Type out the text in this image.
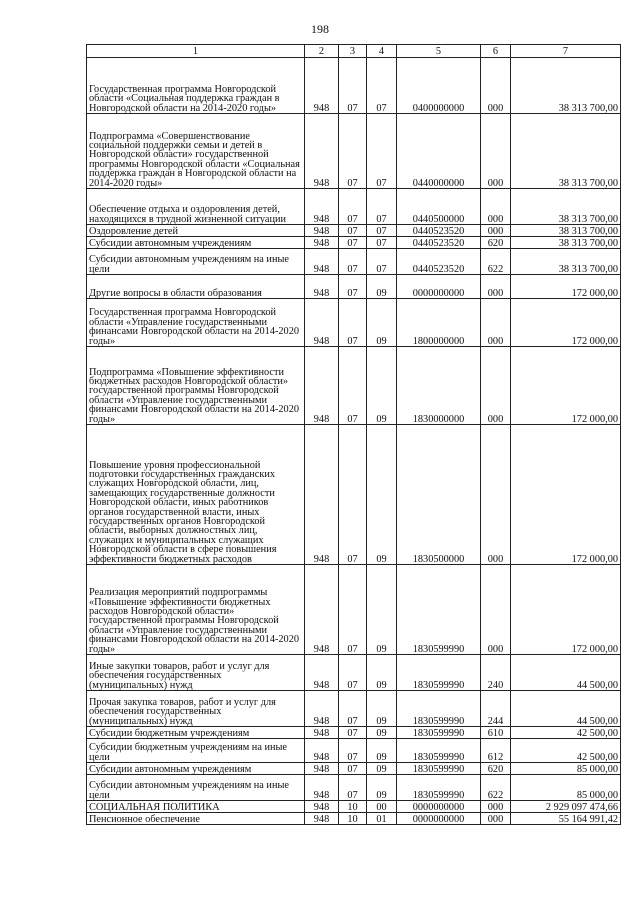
198
1	2	3	4	5	6	7
Государственная программа Новгородской области «Социальная поддержка граждан в Новгородской области на 2014-2020 годы»	948	07	07	0400000000	000	38 313 700,00
Подпрограмма «Совершенствование социальной поддержки семьи и детей в Новгородской области» государственной программы Новгородской области «Социальная поддержка граждан в Новгородской области на 2014-2020 годы»	948	07	07	0440000000	000	38 313 700,00
Обеспечение отдыха и оздоровления детей, находящихся в трудной жизненной ситуации	948	07	07	0440500000	000	38 313 700,00
Оздоровление детей	948	07	07	0440523520	000	38 313 700,00
Субсидии автономным учреждениям	948	07	07	0440523520	620	38 313 700,00
Субсидии автономным учреждениям на иные цели	948	07	07	0440523520	622	38 313 700,00
Другие вопросы в области образования	948	07	09	0000000000	000	172 000,00
Государственная программа Новгородской области «Управление государственными финансами Новгородской области на 2014-2020 годы»	948	07	09	1800000000	000	172 000,00
Подпрограмма «Повышение эффективности бюджетных расходов Новгородской области» государственной программы Новгородской области «Управление государственными финансами Новгородской области на 2014-2020 годы»	948	07	09	1830000000	000	172 000,00
Повышение уровня профессиональной подготовки государственных гражданских служащих Новгородской области, лиц, замещающих государственные должности Новгородской области, иных работников органов государственной власти, иных государственных органов Новгородской области, выборных должностных лиц, служащих и муниципальных служащих Новгородской области в сфере повышения эффективности бюджетных расходов	948	07	09	1830500000	000	172 000,00
Реализация мероприятий подпрограммы «Повышение эффективности бюджетных расходов Новгородской области» государственной программы Новгородской области «Управление государственными финансами Новгородской области на 2014-2020 годы»	948	07	09	1830599990	000	172 000,00
Иные закупки товаров, работ и услуг для обеспечения государственных (муниципальных) нужд	948	07	09	1830599990	240	44 500,00
Прочая закупка товаров, работ и услуг для обеспечения государственных (муниципальных) нужд	948	07	09	1830599990	244	44 500,00
Субсидии бюджетным учреждениям	948	07	09	1830599990	610	42 500,00
Субсидии бюджетным учреждениям на иные цели	948	07	09	1830599990	612	42 500,00
Субсидии автономным учреждениям	948	07	09	1830599990	620	85 000,00
Субсидии автономным учреждениям на иные цели	948	07	09	1830599990	622	85 000,00
СОЦИАЛЬНАЯ ПОЛИТИКА	948	10	00	0000000000	000	2 929 097 474,66
Пенсионное обеспечение	948	10	01	0000000000	000	55 164 991,42
